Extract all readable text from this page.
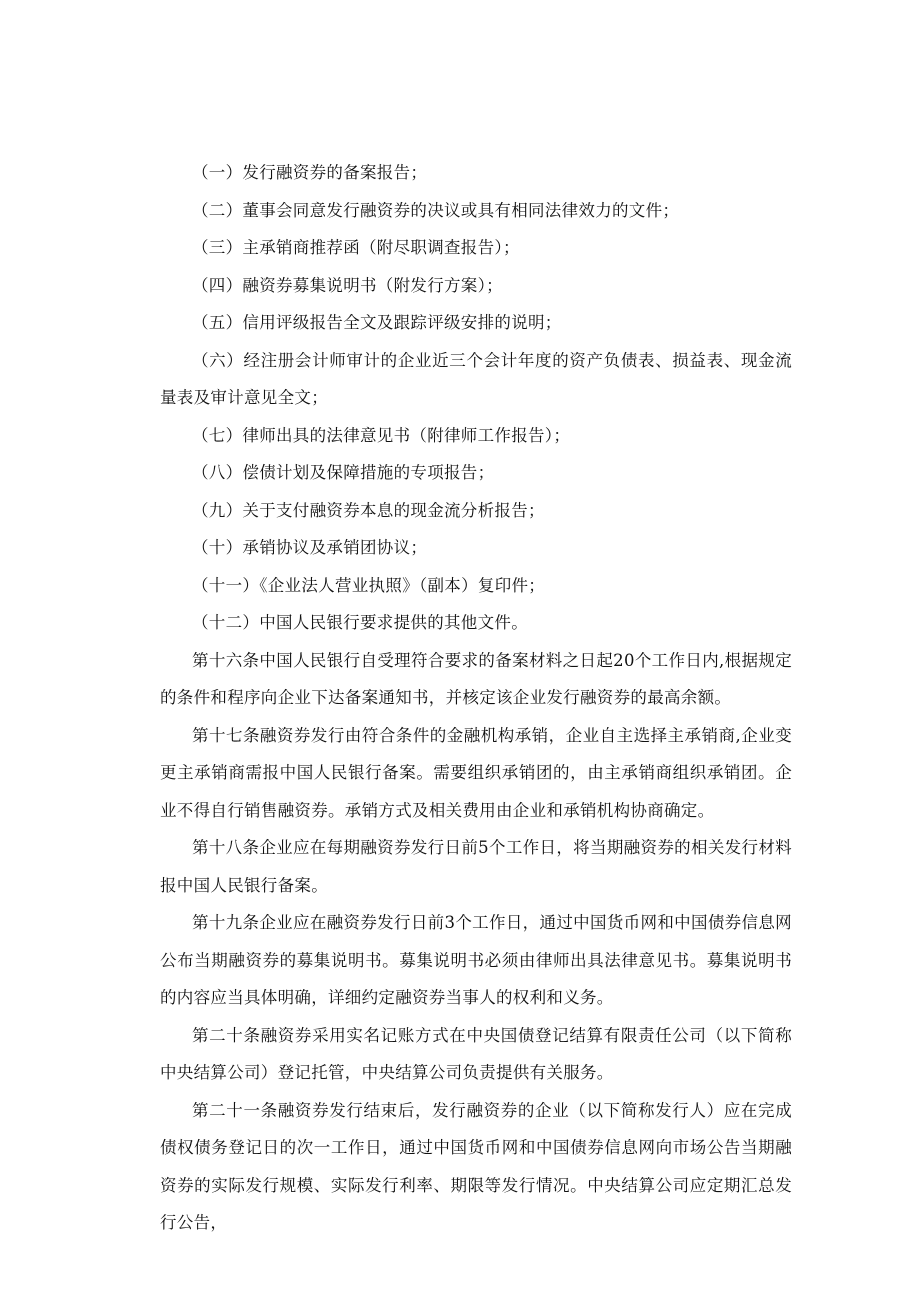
（一）发行融资券的备案报告；

（二）董事会同意发行融资券的决议或具有相同法律效力的文件；

（三）主承销商推荐函（附尽职调查报告）；

（四）融资券募集说明书（附发行方案）；

（五）信用评级报告全文及跟踪评级安排的说明；

（六）经注册会计师审计的企业近三个会计年度的资产负债表、损益表、现金流量表及审计意见全文；

（七）律师出具的法律意见书（附律师工作报告）；

（八）偿债计划及保障措施的专项报告；

（九）关于支付融资券本息的现金流分析报告；

（十）承销协议及承销团协议；

（十一）《企业法人营业执照》（副本）复印件；

（十二）中国人民银行要求提供的其他文件。

第十六条中国人民银行自受理符合要求的备案材料之日起20个工作日内,根据规定的条件和程序向企业下达备案通知书，并核定该企业发行融资券的最高余额。

第十七条融资券发行由符合条件的金融机构承销，企业自主选择主承销商,企业变更主承销商需报中国人民银行备案。需要组织承销团的，由主承销商组织承销团。企业不得自行销售融资券。承销方式及相关费用由企业和承销机构协商确定。

第十八条企业应在每期融资券发行日前5个工作日，将当期融资券的相关发行材料报中国人民银行备案。

第十九条企业应在融资券发行日前3个工作日，通过中国货币网和中国债券信息网公布当期融资券的募集说明书。募集说明书必须由律师出具法律意见书。募集说明书的内容应当具体明确，详细约定融资券当事人的权利和义务。

第二十条融资券采用实名记账方式在中央国债登记结算有限责任公司（以下简称中央结算公司）登记托管，中央结算公司负责提供有关服务。

第二十一条融资券发行结束后，发行融资券的企业（以下简称发行人）应在完成债权债务登记日的次一工作日，通过中国货币网和中国债券信息网向市场公告当期融资券的实际发行规模、实际发行利率、期限等发行情况。中央结算公司应定期汇总发行公告，
